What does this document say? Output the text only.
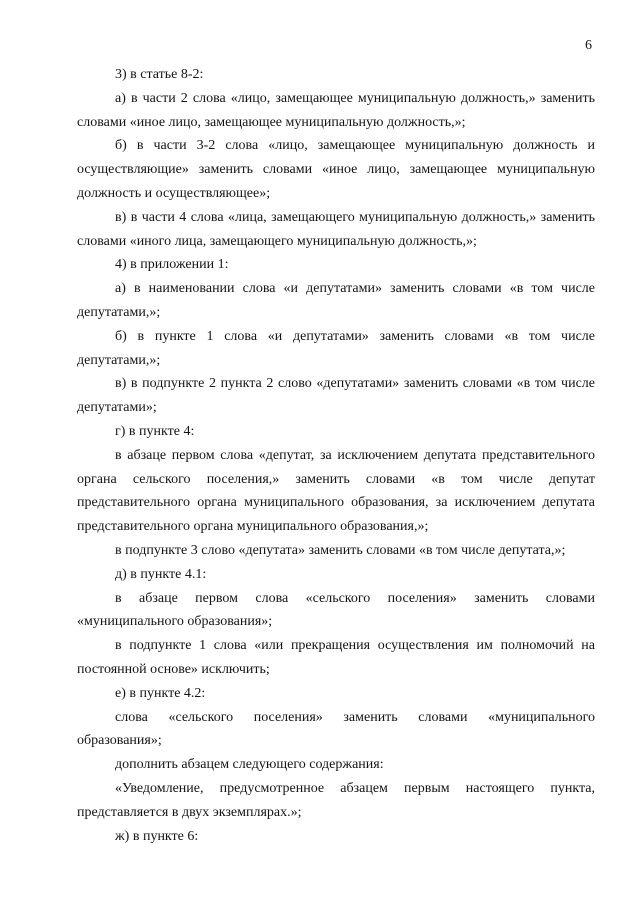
6

3) в статье 8-2:

а) в части 2 слова «лицо, замещающее муниципальную должность,» заменить словами «иное лицо, замещающее муниципальную должность,»;

б) в части 3-2 слова «лицо, замещающее муниципальную должность и осуществляющие» заменить словами «иное лицо, замещающее муниципальную должность и осуществляющее»;

в) в части 4 слова «лица, замещающего муниципальную должность,» заменить словами «иного лица, замещающего муниципальную должность,»;

4) в приложении 1:

а) в наименовании слова «и депутатами» заменить словами «в том числе депутатами,»;

б) в пункте 1 слова «и депутатами» заменить словами «в том числе депутатами,»;

в) в подпункте 2 пункта 2 слово «депутатами» заменить словами «в том числе депутатами»;

г) в пункте 4:

в абзаце первом слова «депутат, за исключением депутата представительного органа сельского поселения,» заменить словами «в том числе депутат представительного органа муниципального образования, за исключением депутата представительного органа муниципального образования,»;

в подпункте 3 слово «депутата» заменить словами «в том числе депутата,»;

д) в пункте 4.1:

в абзаце первом слова «сельского поселения» заменить словами «муниципального образования»;

в подпункте 1 слова «или прекращения осуществления им полномочий на постоянной основе» исключить;

е) в пункте 4.2:

слова «сельского поселения» заменить словами «муниципального образования»;

дополнить абзацем следующего содержания:

«Уведомление, предусмотренное абзацем первым настоящего пункта, представляется в двух экземплярах.»;

ж) в пункте 6:
